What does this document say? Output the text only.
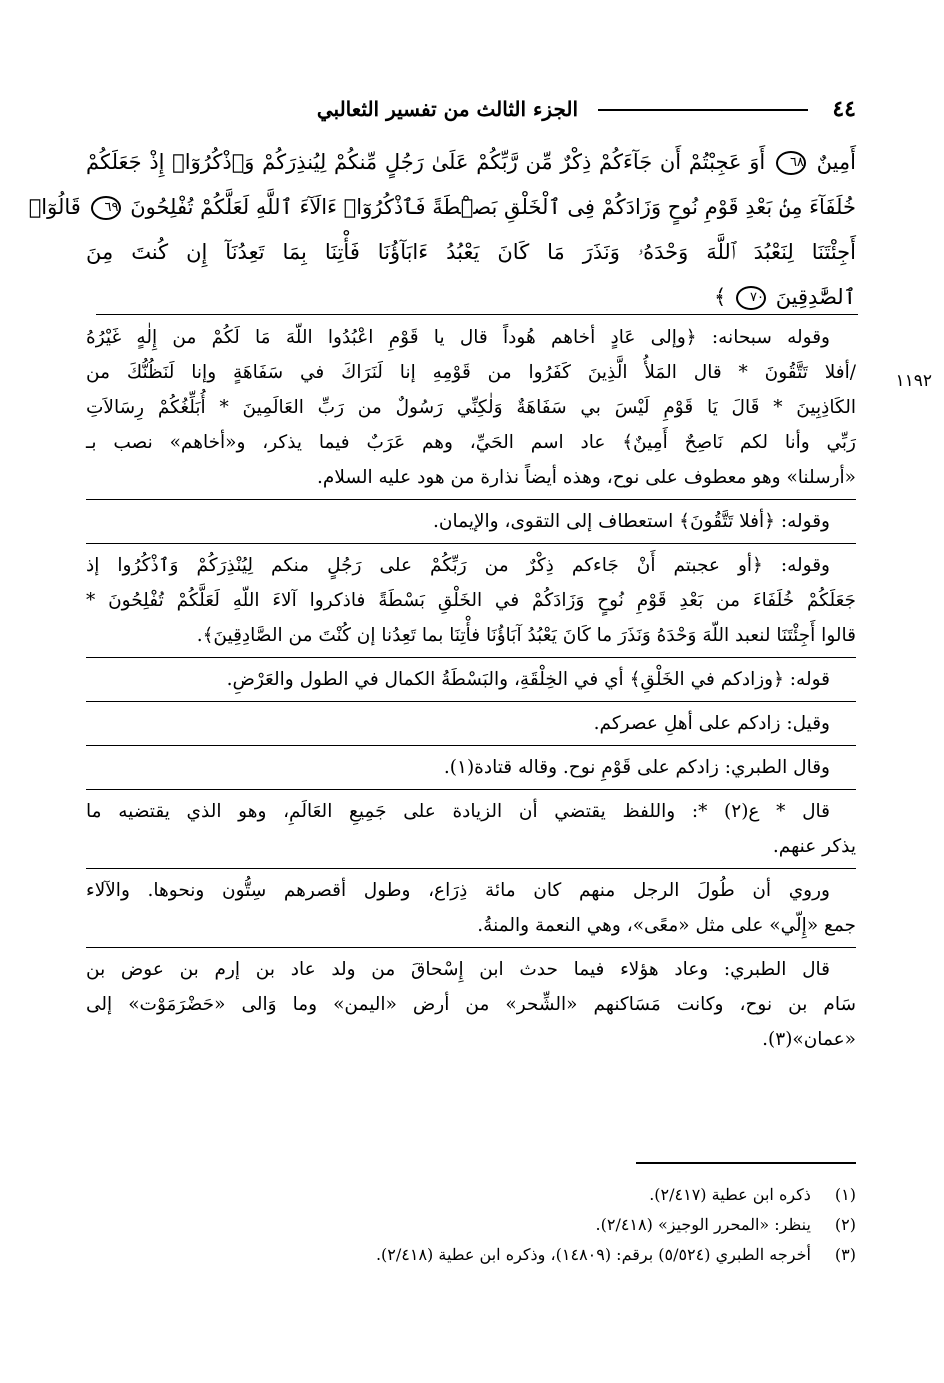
٤٤
الجزء الثالث من تفسير الثعالبي
أَمِينٌ ٦٨ أَوَ عَجِبْتُمْ أَن جَآءَكُمْ ذِكْرٌ مِّن رَّبِّكُمْ عَلَىٰ رَجُلٍ مِّنكُمْ لِيُنذِرَكُمْ وَٱذْكُرُوٓا۟ إِذْ جَعَلَكُمْ
خُلَفَآءَ مِنۢ بَعْدِ قَوْمِ نُوحٍ وَزَادَكُمْ فِى ٱلْخَلْقِ بَصْۜطَةً فَٱذْكُرُوٓا۟ ءَالَآءَ ٱللَّهِ لَعَلَّكُمْ تُفْلِحُونَ ٦٩ قَالُوٓا۟
أَجِئْتَنَا لِنَعْبُدَ ٱللَّهَ وَحْدَهُۥ وَنَذَرَ مَا كَانَ يَعْبُدُ ءَابَآؤُنَا فَأْتِنَا بِمَا تَعِدُنَآ إِن كُنتَ مِنَ
ٱلصَّٰدِقِينَ ٧٠ ﴾
١١٩٢

وقوله سبحانه: ﴿وإلى عَادٍ أخاهم هُوداً قال يا قَوْمِ اعْبُدُوا اللّهَ مَا لَكُمْ من إِلٰهٍ غَيْرُهُ
/أفلا تَتَّقُونَ * قال المَلأُ الَّذِينَ كَفَرُوا من قَوْمِهِ إنا لَنَرَاكَ في سَفَاهَةٍ وإنا لَنَظُنُّكَ من
الكَاذِبِينَ * قَالَ يَا قَوْمِ لَيْسَ بي سَفَاهَةٌ وَلٰكِنِّي رَسُولٌ من رَبِّ العَالَمِينَ * أُبَلِّغُكُمْ رِسَالاَتِ
رَبِّي وأنا لكم نَاصِحٌ أَمِينٌ﴾ عاد اسم الحَيِّ، وهم عَرَبٌ فيما يذكر، و«أخاهم» نصب بـ
«أرسلنا» وهو معطوف على نوح، وهذه أيضاً نذارة من هود عليه السلام.

وقوله: ﴿أفلا تَتَّقُونَ﴾ استعطاف إلى التقوى، والإيمان.

وقوله: ﴿أو عجبتم أَنْ جَاءكم ذِكْرٌ من رَبِّكُمْ على رَجُلٍ منكم لِيُنْذِرَكُمْ وَٱذْكُرُوا إذ
جَعَلَكُمْ خُلَفَاءَ من بَعْدِ قَوْمِ نُوحٍ وَزَادَكُمْ في الخَلْقِ بَسْطَةً فاذكروا آلاءَ اللّهِ لَعَلَّكُمْ تُفْلِحُونَ *
قالوا أَجِئْتَنَا لنعبد اللّهَ وَحْدَهُ وَنَذَرَ ما كَانَ يَعْبُدُ آبَاؤُنَا فأْتِنَا بما تَعِدُنا إن كُنْتَ من الصَّادِقِينَ﴾.

قوله: ﴿وزادكم في الخَلْقِ﴾ أي في الخِلْقَةِ، والبَسْطَةُ الكمال في الطول والعَرْضِ.

وقيل: زادكم على أهلِ عصركم.

وقال الطبري: زادكم على قَوْمِ نوح. وقاله قتادة(١).

قال * ع(٢) *: واللفظ يقتضي أن الزيادة على جَمِيعِ العَالَمِ، وهو الذي يقتضيه ما
يذكر عنهم.

وروي أن طُولَ الرجل منهم كان مائة ذِرَاع، وطول أقصرهم سِتُّون ونحوها. والآلاء
جمع «إِلّي» على مثل «معًى»، وهي النعمة والمنةُ.

قال الطبري: وعاد هؤلاء فيما حدث ابن إِسْحاقَ من ولد عاد بن إرم بن عوض بن
سَام بن نوح، وكانت مَسَاكنهم «الشِّحر» من أرض «اليمن» وما وَالى «حَضْرَمَوْت» إلى
«عمان»(٣).

(١) ذكره ابن عطية (٢/٤١٧).
(٢) ينظر: «المحرر الوجيز» (٢/٤١٨).
(٣) أخرجه الطبري (٥/٥٢٤) برقم: (١٤٨٠٩)، وذكره ابن عطية (٢/٤١٨).
